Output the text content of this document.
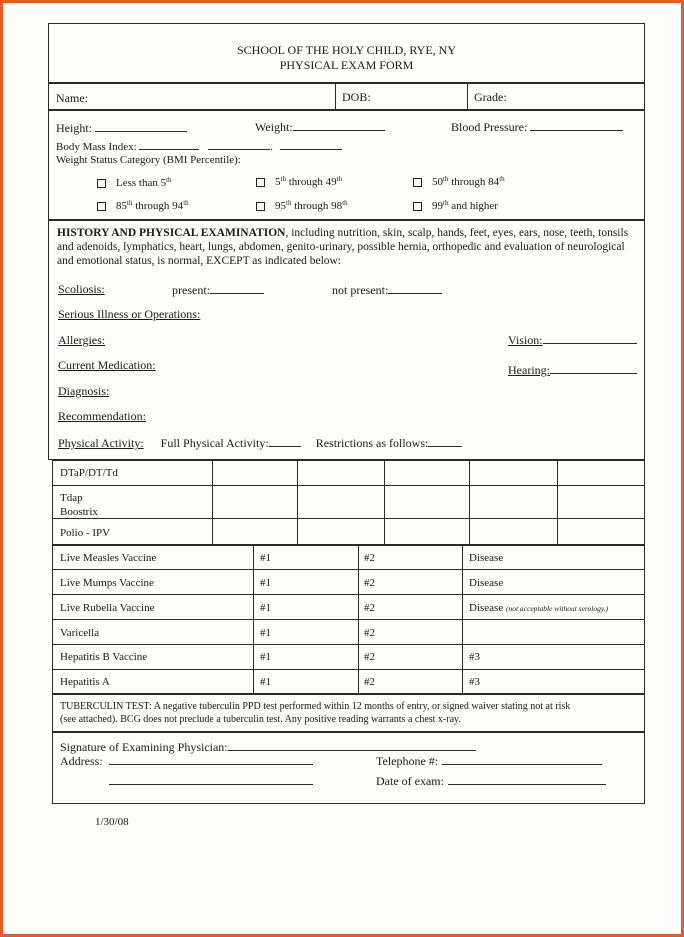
SCHOOL OF THE HOLY CHILD, RYE, NY
PHYSICAL EXAM FORM
Name:	DOB:	Grade:
Height:	Weight:	Blood Pressure:
Body Mass Index:	.
Weight Status Category (BMI Percentile):
Less than 5th	5th through 49th	50th through 84th
85th through 94th	95th through 98th	99th and higher
HISTORY AND PHYSICAL EXAMINATION, including nutrition, skin, scalp, hands, feet, eyes, ears, nose, teeth, tonsils and adenoids, lymphatics, heart, lungs, abdomen, genito-urinary, possible hernia, orthopedic and evaluation of neurological and emotional status, is normal, EXCEPT as indicated below:
Scoliosis:	present:	not present:
Serious Illness or Operations:
Allergies:	Vision:
Current Medication:	Hearing:
Diagnosis:
Recommendation:
Physical Activity: Full Physical Activity:	Restrictions as follows:
DTaP/DT/Td
Tdap
Boostrix
Polio - IPV
Live Measles Vaccine	#1	#2	Disease
Live Mumps Vaccine	#1	#2	Disease
Live Rubella Vaccine	#1	#2	Disease (not acceptable without serology.)
Varicella	#1	#2
Hepatitis B Vaccine	#1	#2	#3
Hepatitis A	#1	#2	#3
TUBERCULIN TEST: A negative tuberculin PPD test performed within 12 months of entry, or signed waiver stating not at risk
(see attached). BCG does not preclude a tuberculin test. Any positive reading warrants a chest x-ray.
Signature of Examining Physician:
Address:	Telephone #:
Date of exam:
1/30/08
